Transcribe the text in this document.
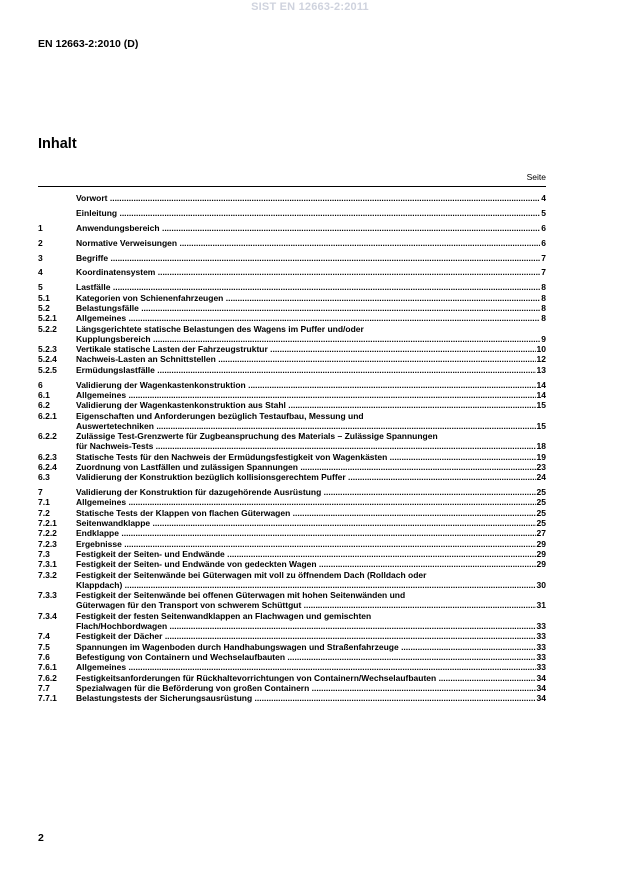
SIST EN 12663-2:2011
EN 12663-2:2010 (D)
Inhalt
Seite
Vorwort .....	4
Einleitung .....	5
1	Anwendungsbereich .....	6
2	Normative Verweisungen .....	6
3	Begriffe .....	7
4	Koordinatensystem .....	7
5	Lastfälle .....	8
5.1	Kategorien von Schienenfahrzeugen .....	8
5.2	Belastungsfälle .....	8
5.2.1	Allgemeines .....	8
5.2.2	Längsgerichtete statische Belastungen des Wagens im Puffer und/oder
Kupplungsbereich .....	9
5.2.3	Vertikale statische Lasten der Fahrzeugstruktur .....	10
5.2.4	Nachweis-Lasten an Schnittstellen .....	12
5.2.5	Ermüdungslastfälle .....	13
6	Validierung der Wagenkastenkonstruktion .....	14
6.1	Allgemeines .....	14
6.2	Validierung der Wagenkastenkonstruktion aus Stahl .....	15
6.2.1	Eigenschaften und Anforderungen bezüglich Testaufbau, Messung und
Auswertetechniken .....	15
6.2.2	Zulässige Test-Grenzwerte für Zugbeanspruchung des Materials – Zulässige Spannungen
für Nachweis-Tests .....	18
6.2.3	Statische Tests für den Nachweis der Ermüdungsfestigkeit von Wagenkästen .....	19
6.2.4	Zuordnung von Lastfällen und zulässigen Spannungen .....	23
6.3	Validierung der Konstruktion bezüglich kollisionsgerechtem Puffer .....	24
7	Validierung der Konstruktion für dazugehörende Ausrüstung .....	25
7.1	Allgemeines .....	25
7.2	Statische Tests der Klappen von flachen Güterwagen .....	25
7.2.1	Seitenwandklappe .....	25
7.2.2	Endklappe .....	27
7.2.3	Ergebnisse .....	29
7.3	Festigkeit der Seiten- und Endwände .....	29
7.3.1	Festigkeit der Seiten- und Endwände von gedeckten Wagen .....	29
7.3.2	Festigkeit der Seitenwände bei Güterwagen mit voll zu öffnendem Dach (Rolldach oder
Klappdach) .....	30
7.3.3	Festigkeit der Seitenwände bei offenen Güterwagen mit hohen Seitenwänden und
Güterwagen für den Transport von schwerem Schüttgut .....	31
7.3.4	Festigkeit der festen Seitenwandklappen an Flachwagen und gemischten
Flach/Hochbordwagen .....	33
7.4	Festigkeit der Dächer .....	33
7.5	Spannungen im Wagenboden durch Handhabungswagen und Straßenfahrzeuge .....	33
7.6	Befestigung von Containern und Wechselaufbauten .....	33
7.6.1	Allgemeines .....	33
7.6.2	Festigkeitsanforderungen für Rückhaltevorrichtungen von Containern/Wechselaufbauten .....	34
7.7	Spezialwagen für die Beförderung von großen Containern .....	34
7.7.1	Belastungstests der Sicherungsausrüstung .....	34
2
